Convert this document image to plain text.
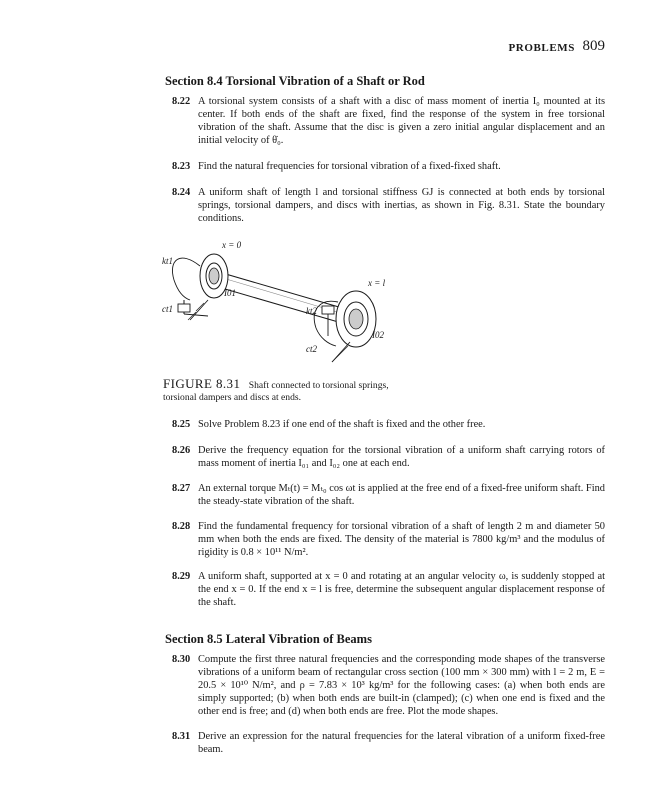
PROBLEMS 809
Section 8.4 Torsional Vibration of a Shaft or Rod
8.22 A torsional system consists of a shaft with a disc of mass moment of inertia I₀ mounted at its center. If both ends of the shaft are fixed, find the response of the system in free torsional vibration of the shaft. Assume that the disc is given a zero initial angular displacement and an initial velocity of θ̇₀.
8.23 Find the natural frequencies for torsional vibration of a fixed-fixed shaft.
8.24 A uniform shaft of length l and torsional stiffness GJ is connected at both ends by torsional springs, torsional dampers, and discs with inertias, as shown in Fig. 8.31. State the boundary conditions.
x = 0
x = l
kt1
ct1
I01
kt2
ct2
I02
FIGURE 8.31 Shaft connected to torsional springs, torsional dampers and discs at ends.
8.25 Solve Problem 8.23 if one end of the shaft is fixed and the other free.
8.26 Derive the frequency equation for the torsional vibration of a uniform shaft carrying rotors of mass moment of inertia I₀₁ and I₀₂ one at each end.
8.27 An external torque Mₜ(t) = Mₜ₀ cos ωt is applied at the free end of a fixed-free uniform shaft. Find the steady-state vibration of the shaft.
8.28 Find the fundamental frequency for torsional vibration of a shaft of length 2 m and diameter 50 mm when both the ends are fixed. The density of the material is 7800 kg/m³ and the modulus of rigidity is 0.8 × 10¹¹ N/m².
8.29 A uniform shaft, supported at x = 0 and rotating at an angular velocity ω, is suddenly stopped at the end x = 0. If the end x = l is free, determine the subsequent angular displacement response of the shaft.
Section 8.5 Lateral Vibration of Beams
8.30 Compute the first three natural frequencies and the corresponding mode shapes of the transverse vibrations of a uniform beam of rectangular cross section (100 mm × 300 mm) with l = 2 m, E = 20.5 × 10¹⁰ N/m², and ρ = 7.83 × 10³ kg/m³ for the following cases: (a) when both ends are simply supported; (b) when both ends are built-in (clamped); (c) when one end is fixed and the other end is free; and (d) when both ends are free. Plot the mode shapes.
8.31 Derive an expression for the natural frequencies for the lateral vibration of a uniform fixed-free beam.
